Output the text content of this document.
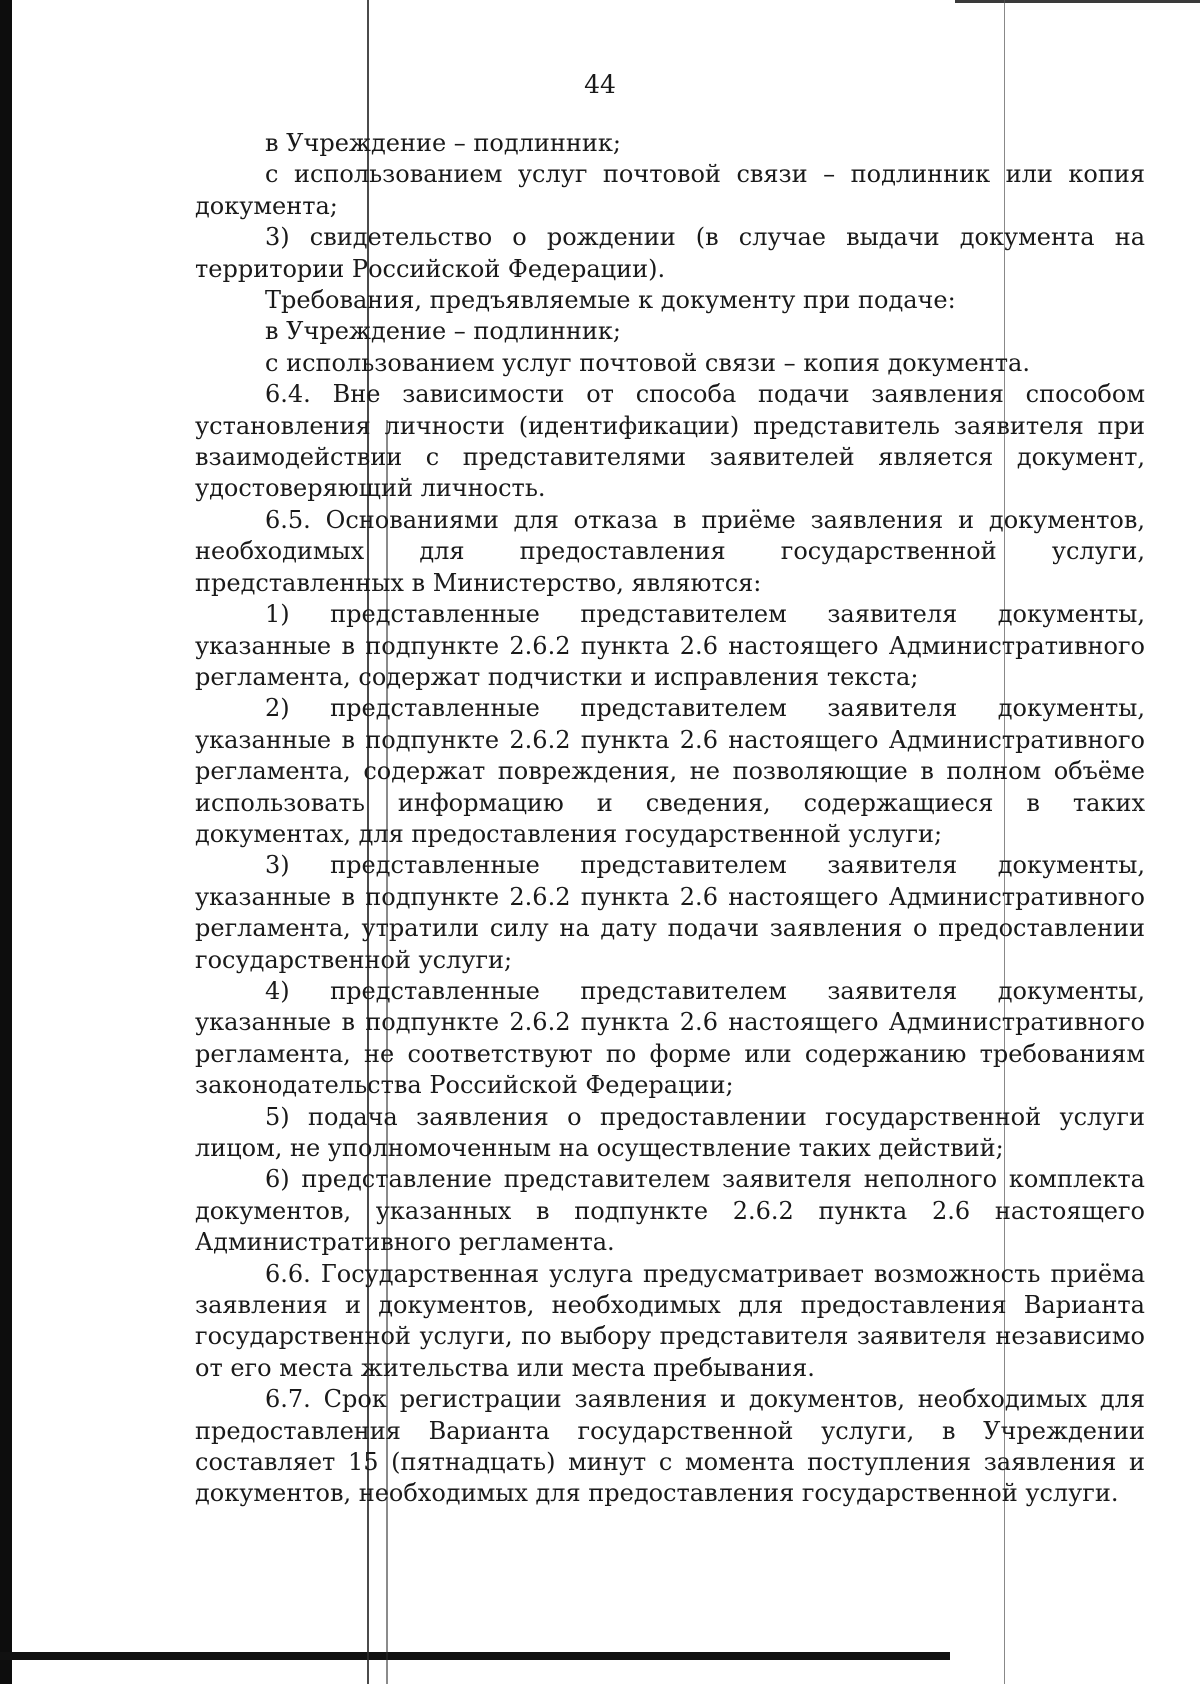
44

в Учреждение – подлинник;

с использованием услуг почтовой связи – подлинник или копия документа;

3) свидетельство о рождении (в случае выдачи документа на территории Российской Федерации).

Требования, предъявляемые к документу при подаче:

в Учреждение – подлинник;

с использованием услуг почтовой связи – копия документа.

6.4. Вне зависимости от способа подачи заявления способом установления личности (идентификации) представитель заявителя при взаимодействии с представителями заявителей является документ, удостоверяющий личность.

6.5. Основаниями для отказа в приёме заявления и документов, необходимых для предоставления государственной услуги, представленных в Министерство, являются:

1) представленные представителем заявителя документы, указанные в подпункте 2.6.2 пункта 2.6 настоящего Административного регламента, содержат подчистки и исправления текста;

2) представленные представителем заявителя документы, указанные в подпункте 2.6.2 пункта 2.6 настоящего Административного регламента, содержат повреждения, не позволяющие в полном объёме использовать информацию и сведения, содержащиеся в таких документах, для предоставления государственной услуги;

3) представленные представителем заявителя документы, указанные в подпункте 2.6.2 пункта 2.6 настоящего Административного регламента, утратили силу на дату подачи заявления о предоставлении государственной услуги;

4) представленные представителем заявителя документы, указанные в подпункте 2.6.2 пункта 2.6 настоящего Административного регламента, не соответствуют по форме или содержанию требованиям законодательства Российской Федерации;

5) подача заявления о предоставлении государственной услуги лицом, не уполномоченным на осуществление таких действий;

6) представление представителем заявителя неполного комплекта документов, указанных в подпункте 2.6.2 пункта 2.6 настоящего Административного регламента.

6.6. Государственная услуга предусматривает возможность приёма заявления и документов, необходимых для предоставления Варианта государственной услуги, по выбору представителя заявителя независимо от его места жительства или места пребывания.

6.7. Срок регистрации заявления и документов, необходимых для предоставления Варианта государственной услуги, в Учреждении составляет 15 (пятнадцать) минут с момента поступления заявления и документов, необходимых для предоставления государственной услуги.
